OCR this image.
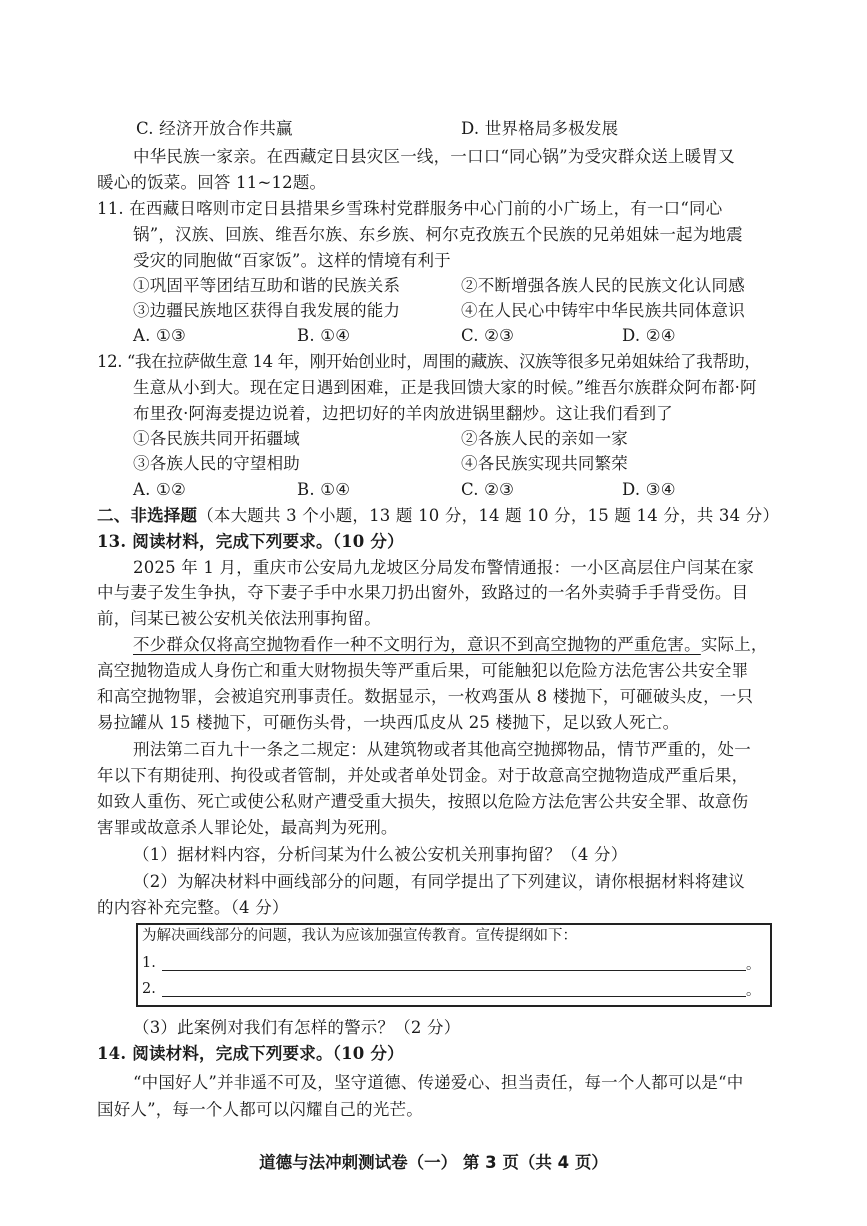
C. 经济开放合作共赢	D. 世界格局多极发展
中华民族一家亲。在西藏定日县灾区一线，一口口“同心锅”为受灾群众送上暖胃又
暖心的饭菜。回答 11~12题。
11. 在西藏日喀则市定日县措果乡雪珠村党群服务中心门前的小广场上，有一口“同心
锅”，汉族、回族、维吾尔族、东乡族、柯尔克孜族五个民族的兄弟姐妹一起为地震
受灾的同胞做“百家饭”。这样的情境有利于
①巩固平等团结互助和谐的民族关系	②不断增强各族人民的民族文化认同感
③边疆民族地区获得自我发展的能力	④在人民心中铸牢中华民族共同体意识
A. ①③	B. ①④	C. ②③	D. ②④
12. “我在拉萨做生意 14 年，刚开始创业时，周围的藏族、汉族等很多兄弟姐妹给了我帮助，
生意从小到大。现在定日遇到困难，正是我回馈大家的时候。”维吾尔族群众阿布都·阿
布里孜·阿海麦提边说着，边把切好的羊肉放进锅里翻炒。这让我们看到了
①各民族共同开拓疆域	②各族人民的亲如一家
③各族人民的守望相助	④各民族实现共同繁荣
A. ①②	B. ①④	C. ②③	D. ③④
二、非选择题（本大题共 3 个小题，13 题 10 分，14 题 10 分，15 题 14 分，共 34 分）
13. 阅读材料，完成下列要求。（10 分）
2025 年 1 月，重庆市公安局九龙坡区分局发布警情通报：一小区高层住户闫某在家
中与妻子发生争执，夺下妻子手中水果刀扔出窗外，致路过的一名外卖骑手手背受伤。目
前，闫某已被公安机关依法刑事拘留。
不少群众仅将高空抛物看作一种不文明行为，意识不到高空抛物的严重危害。实际上，
高空抛物造成人身伤亡和重大财物损失等严重后果，可能触犯以危险方法危害公共安全罪
和高空抛物罪，会被追究刑事责任。数据显示，一枚鸡蛋从 8 楼抛下，可砸破头皮，一只
易拉罐从 15 楼抛下，可砸伤头骨，一块西瓜皮从 25 楼抛下，足以致人死亡。
刑法第二百九十一条之二规定：从建筑物或者其他高空抛掷物品，情节严重的，处一
年以下有期徒刑、拘役或者管制，并处或者单处罚金。对于故意高空抛物造成严重后果，
如致人重伤、死亡或使公私财产遭受重大损失，按照以危险方法危害公共安全罪、故意伤
害罪或故意杀人罪论处，最高判为死刑。
（1）据材料内容，分析闫某为什么被公安机关刑事拘留？（4 分）
（2）为解决材料中画线部分的问题，有同学提出了下列建议，请你根据材料将建议
的内容补充完整。（4 分）
为解决画线部分的问题，我认为应该加强宣传教育。宣传提纲如下：
1.	。
2.	。
（3）此案例对我们有怎样的警示？（2 分）
14. 阅读材料，完成下列要求。（10 分）
“中国好人”并非遥不可及，坚守道德、传递爱心、担当责任，每一个人都可以是“中
国好人”，每一个人都可以闪耀自己的光芒。
道德与法冲刺测试卷（一） 第 3 页（共 4 页）
